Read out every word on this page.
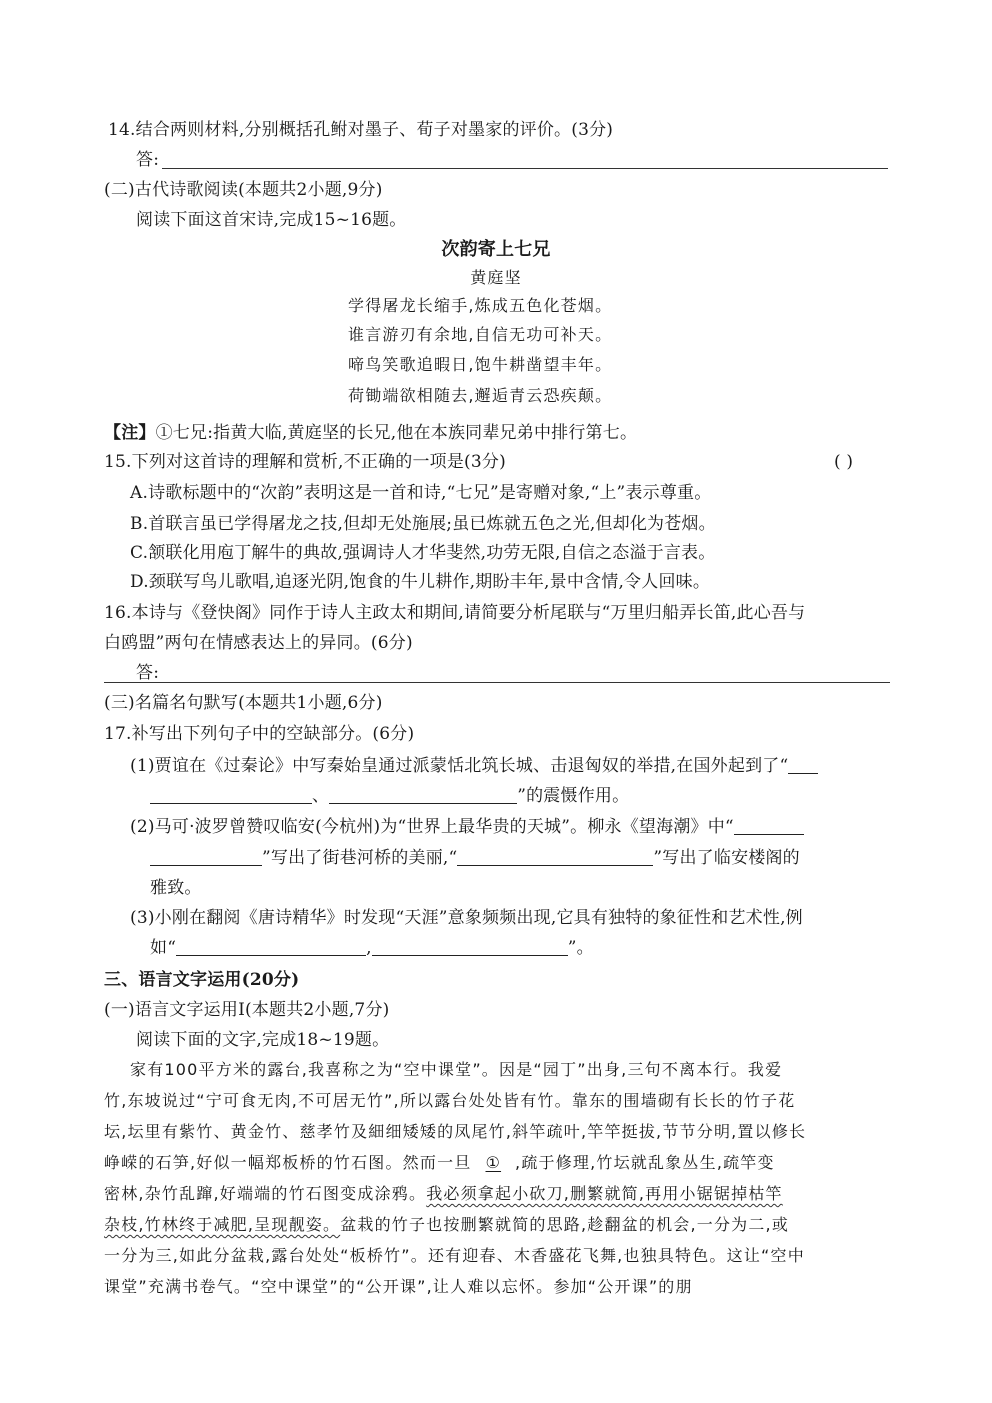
14.结合两则材料,分别概括孔鲋对墨子、荀子对墨家的评价。(3分)
答:
(二)古代诗歌阅读(本题共2小题,9分)
阅读下面这首宋诗,完成15~16题。
次韵寄上七兄
黄庭坚
学得屠龙长缩手,炼成五色化苍烟。
谁言游刃有余地,自信无功可补天。
啼鸟笑歌追暇日,饱牛耕凿望丰年。
荷锄端欲相随去,邂逅青云恐疾颠。
【注】①七兄:指黄大临,黄庭坚的长兄,他在本族同辈兄弟中排行第七。
15.下列对这首诗的理解和赏析,不正确的一项是(3分)	( )
A.诗歌标题中的“次韵”表明这是一首和诗,“七兄”是寄赠对象,“上”表示尊重。
B.首联言虽已学得屠龙之技,但却无处施展;虽已炼就五色之光,但却化为苍烟。
C.颔联化用庖丁解牛的典故,强调诗人才华斐然,功劳无限,自信之态溢于言表。
D.颈联写鸟儿歌唱,追逐光阴,饱食的牛儿耕作,期盼丰年,景中含情,令人回味。
16.本诗与《登快阁》同作于诗人主政太和期间,请简要分析尾联与“万里归船弄长笛,此心吾与
白鸥盟”两句在情感表达上的异同。(6分)
答:
(三)名篇名句默写(本题共1小题,6分)
17.补写出下列句子中的空缺部分。(6分)
(1)贾谊在《过秦论》中写秦始皇通过派蒙恬北筑长城、击退匈奴的举措,在国外起到了“
、	”的震慑作用。
(2)马可·波罗曾赞叹临安(今杭州)为“世界上最华贵的天城”。柳永《望海潮》中“
”写出了街巷河桥的美丽,“	”写出了临安楼阁的
雅致。
(3)小刚在翻阅《唐诗精华》时发现“天涯”意象频频出现,它具有独特的象征性和艺术性,例
如“	,	”。
三、语言文字运用(20分)
(一)语言文字运用Ⅰ(本题共2小题,7分)
阅读下面的文字,完成18~19题。
家有100平方米的露台,我喜称之为“空中课堂”。因是“园丁”出身,三句不离本行。我爱
竹,东坡说过“宁可食无肉,不可居无竹”,所以露台处处皆有竹。靠东的围墙砌有长长的竹子花
坛,坛里有紫竹、黄金竹、慈孝竹及細细矮矮的凤尾竹,斜竿疏叶,竿竿挺拔,节节分明,置以修长
峥嵘的石笋,好似一幅郑板桥的竹石图。然而一旦 ① ,疏于修理,竹坛就乱象丛生,疏竿变
密林,杂竹乱蹿,好端端的竹石图变成涂鸦。我必须拿起小砍刀,删繁就简,再用小锯锯掉枯竿
杂枝,竹林终于减肥,呈现靓姿。盆栽的竹子也按删繁就简的思路,趁翻盆的机会,一分为二,或
一分为三,如此分盆栽,露台处处“板桥竹”。还有迎春、木香盛花飞舞,也独具特色。这让“空中
课堂”充满书卷气。“空中课堂”的“公开课”,让人难以忘怀。参加“公开课”的朋
